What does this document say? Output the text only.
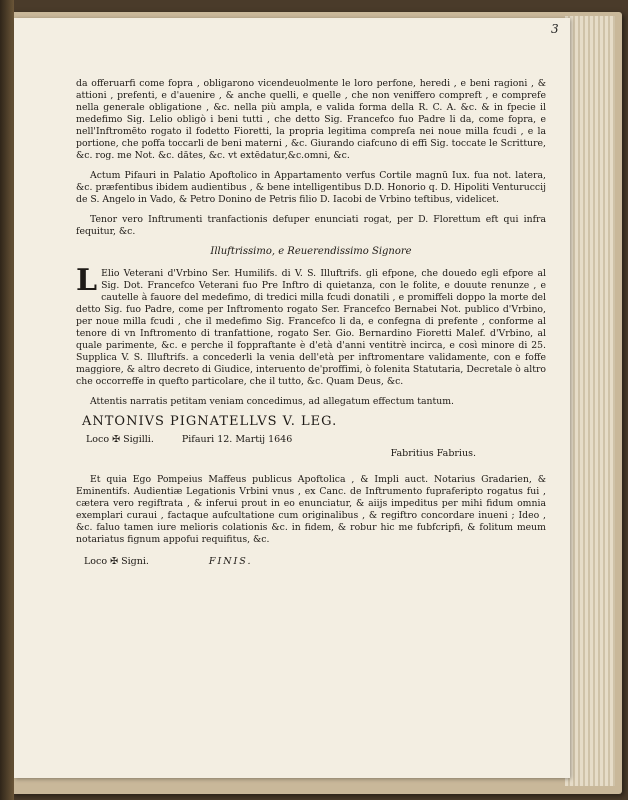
3

da offeruarfi come fopra , obligarono vicendeuolmente le loro perfone, heredi , e beni ragioni , & attioni , prefenti, e d'auenire , & anche quelli, e quelle , che non veniffero compreft , e comprefe nella generale obligatione , &c. nella più ampla, e valida forma della R. C. A. &c. & in fpecie il medefimo Sig. Lelio obligò i beni tutti , che detto Sig. Francefco fuo Padre li da, come fopra, e nell'Inftromēto rogato il fodetto Fioretti, la propria legitima compreſa nei noue milla fcudi , e la portione, che poffa toccarli de beni materni , &c. Giurando ciafcuno di effi Sig. toccate le Scritture, &c. rog. me Not. &c. dătes, &c. vt extēdatur,&c.omni, &c.

Actum Pifauri in Palatio Apoftolico in Appartamento verfus Cortile magnū Iux. fua not. latera, &c. præfentibus ibidem audientibus , & bene intelligentibus D.D. Honorio q. D. Hipoliti Venturuccij de S. Angelo in Vado, & Petro Donino de Petris filio D. Iacobi de Vrbino teftibus, videlicet.

Tenor vero Inftrumenti tranfactionis defuper enunciati rogat, per D. Florettum eft qui infra fequitur, &c.

Illuftrissimo, e Reuerendissimo Signore

L Elio Veterani d'Vrbino Ser. Humilifs. di V. S. Illuftrifs. gli efpone, che douedo egli efpore al Sig. Dot. Francefco Veterani fuo Pre Inftro di quietanza, con le folite, e douute renunze , e cautelle à fauore del medefimo, di tredici milla fcudi donatili , e promiffeli doppo la morte del detto Sig. fuo Padre, come per Inftromento rogato Ser. Francefco Bernabei Not. publico d'Vrbino, per noue milla fcudi , che il medefimo Sig. Francefco li da, e confegna di prefente , conforme al tenore di vn Inftromento di tranfattione, rogato Ser. Gio. Bernardino Fioretti Malef. d'Vrbino, al quale parimente, &c. e perche il foppraftante è d'età d'anni ventitrè incirca, e così minore di 25. Supplica V. S. Illuftrifs. a concederli la venia dell'età per inftromentare validamente, con e foffe maggiore, & altro decreto di Giudice, interuento de'proffimi, ò folenita Statutaria, Decretale ò altro che occorreffe in quefto particolare, che il tutto, &c. Quam Deus, &c.

Attentis narratis petitam veniam concedimus, ad allegatum effectum tantum.

ANTONIVS PIGNATELLVS V. LEG.
Loco ✠ Sigilli.	Pifauri 12. Martij 1646
Fabritius Fabrius.

Et quia Ego Pompeius Maffeus publicus Apoftolica , & Impli auct. Notarius Gradarien, & Eminentifs. Audientiæ Legationis Vrbini vnus , ex Canc. de Inftrumento fupraferipto rogatus fui , cætera vero regiftrata , & inferui prout in eo enunciatur, & aiijs impeditus per mihi fidum omnia exemplari curaui , factaque aufcultatione cum originalibus , & regiftro concordare inueni ; Ideo , &c. faluo tamen iure melioris colationis &c. in fidem, & robur hic me fubfcripfi, & folitum meum notariatus fignum appofui requifitus, &c.

Loco ✠ Signi.	FINIS.
